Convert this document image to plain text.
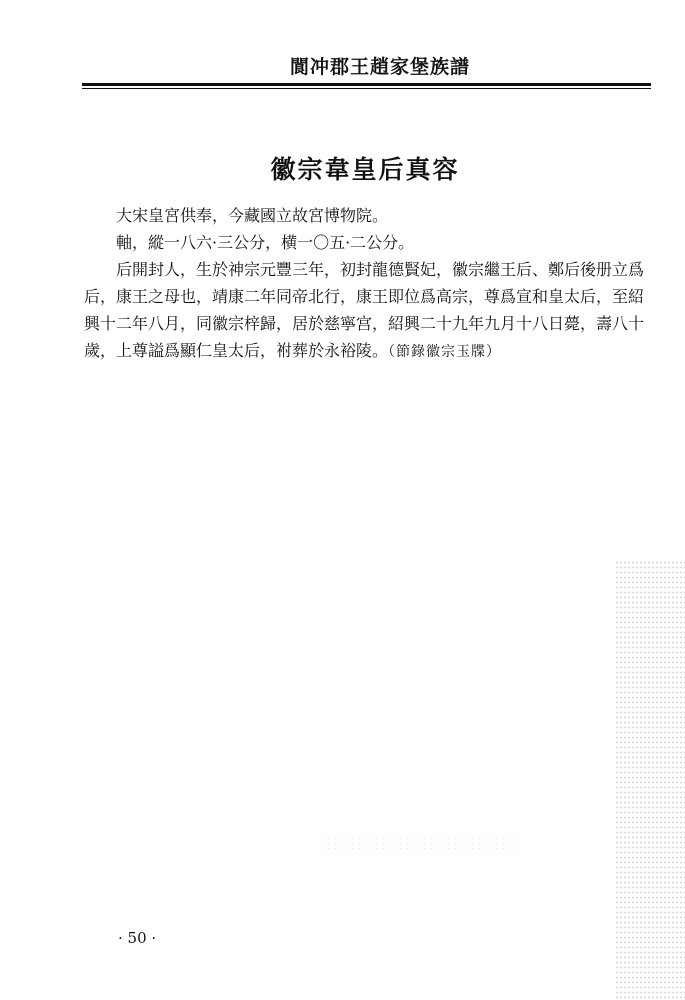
閬冲郡王趙家堡族譜
徽宗韋皇后真容

大宋皇宮供奉，今藏國立故宮博物院。

軸，縱一八六·三公分，横一〇五·二公分。

后開封人，生於神宗元豐三年，初封龍德賢妃，徽宗繼王后、鄭后後册立爲后，康王之母也，靖康二年同帝北行，康王即位爲高宗，尊爲宣和皇太后，至紹興十二年八月，同徽宗梓歸，居於慈寧宫，紹興二十九年九月十八日薨，壽八十歲，上尊謚爲顯仁皇太后，祔葬於永裕陵。（節錄徽宗玉牒）

· 50 ·
